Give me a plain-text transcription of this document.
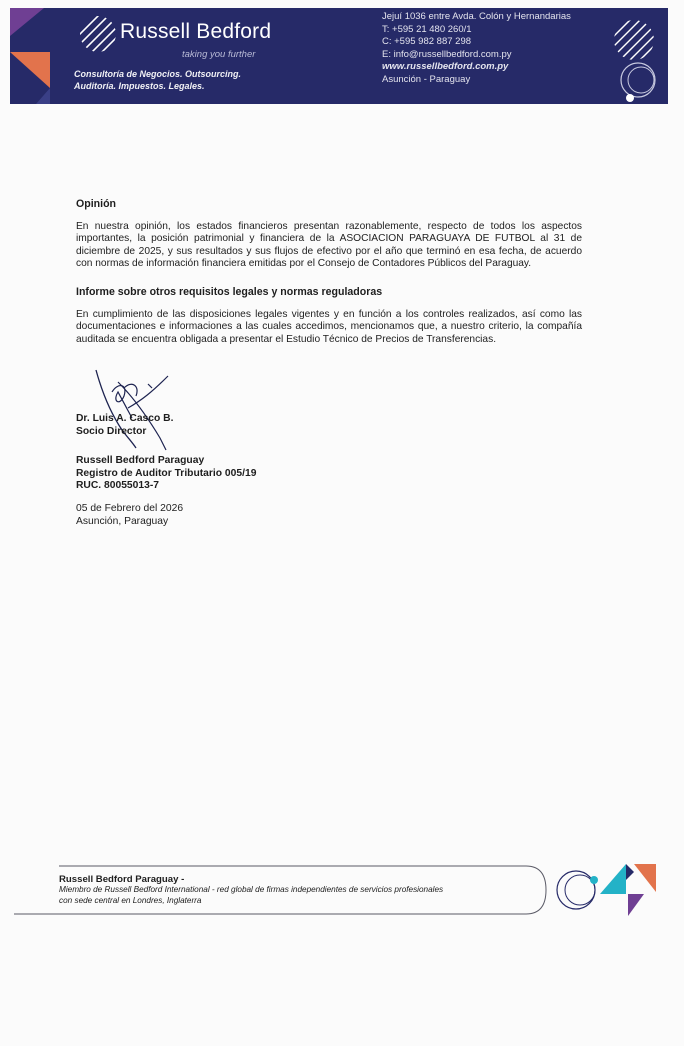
Russell Bedford
taking you further
Consultoría de Negocios. Outsourcing.
Auditoría. Impuestos. Legales.
Jejuí 1036 entre Avda. Colón y Hernandarias
T: +595 21 480 260/1
C: +595 982 887 298
E: info@russellbedford.com.py
www.russellbedford.com.py
Asunción - Paraguay
Opinión

En nuestra opinión, los estados financieros presentan razonablemente, respecto de todos los aspectos importantes, la posición patrimonial y financiera de la ASOCIACION PARAGUAYA DE FUTBOL al 31 de diciembre de 2025, y sus resultados y sus flujos de efectivo por el año que terminó en esa fecha, de acuerdo con normas de información financiera emitidas por el Consejo de Contadores Públicos del Paraguay.

Informe sobre otros requisitos legales y normas reguladoras

En cumplimiento de las disposiciones legales vigentes y en función a los controles realizados, así como las documentaciones e informaciones a las cuales accedimos, mencionamos que, a nuestro criterio, la compañía auditada se encuentra obligada a presentar el Estudio Técnico de Precios de Transferencias.

Dr. Luis A. Casco B.
Socio Director
Russell Bedford Paraguay
Registro de Auditor Tributario 005/19
RUC. 80055013-7
05 de Febrero del 2026
Asunción, Paraguay
Russell Bedford Paraguay -
Miembro de Russell Bedford International - red global de firmas independientes de servicios profesionales
con sede central en Londres, Inglaterra
